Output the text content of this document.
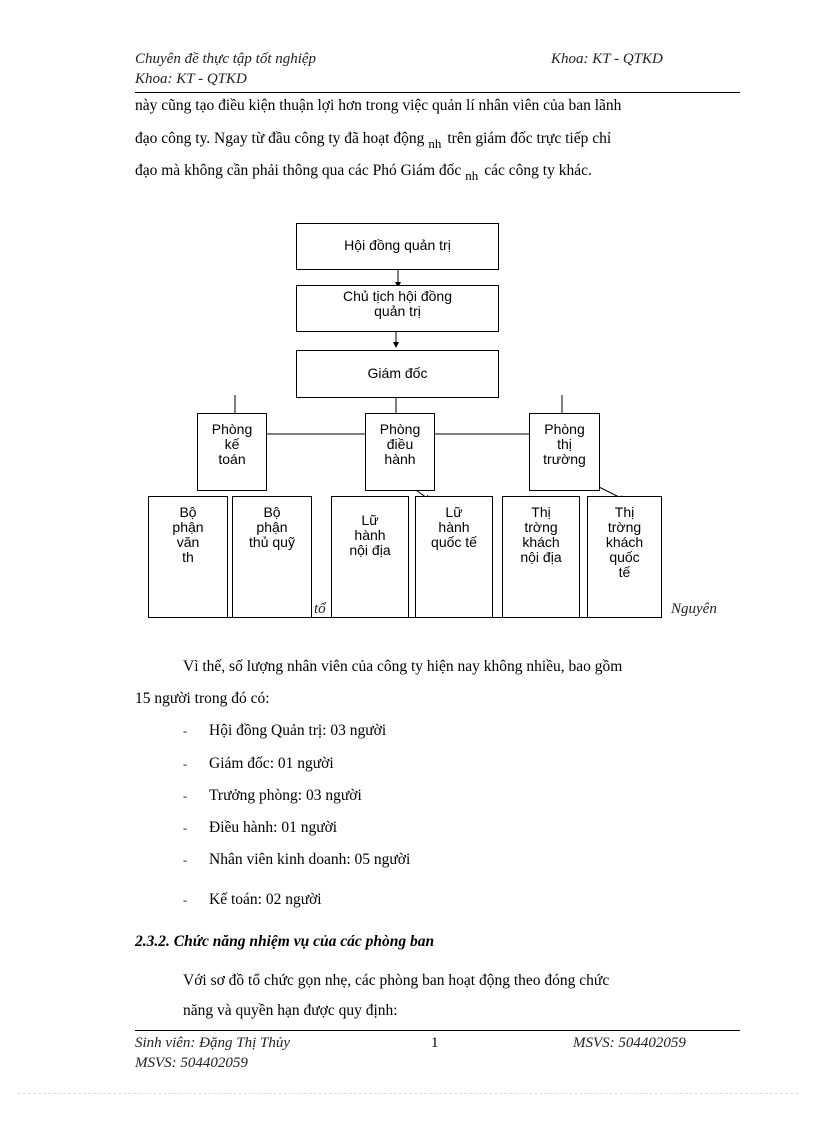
Chuyên đề thực tập tốt nghiệp	Khoa: KT - QTKD
Khoa: KT - QTKD
này cũng tạo điều kiện thuận lợi hơn trong việc quản lí nhân viên của ban lãnh
đạo công ty. Ngay từ đầu công ty đã hoạt động $_{nh}$ trên giám đốc trực tiếp chỉ
đạo mà không cần phải thông qua các Phó Giám đốc $_{nh}$ các công ty khác.
Hội đồng quản trị
Chủ tịch hội đồng
quản trị
Giám đốc
Phòng
kế
toán
Phòng
điều
hành
Phòng
thị
trường
Bộ
phận
văn
th
Bộ
phận
thủ quỹ
Lữ
hành
nội địa
Lữ
hành
quốc tế
Thị
trờng
khách
nội địa
Thị
trờng
khách
quốc
tế
tổ	Nguyên
Vì thế, số lượng nhân viên của công ty hiện nay không nhiều, bao gồm
15 người trong đó có:
- Hội đồng Quản trị: 03 người
- Giám đốc: 01 người
- Trưởng phòng: 03 người
- Điều hành: 01 người
- Nhân viên kinh doanh: 05 người
- Kế toán: 02 người
2.3.2. Chức năng nhiệm vụ của các phòng ban
Với sơ đồ tổ chức gọn nhẹ, các phòng ban hoạt động theo đóng chức
năng và quyền hạn được quy định:
Sinh viên: Đặng Thị Thủy	1	MSVS: 504402059
MSVS: 504402059
